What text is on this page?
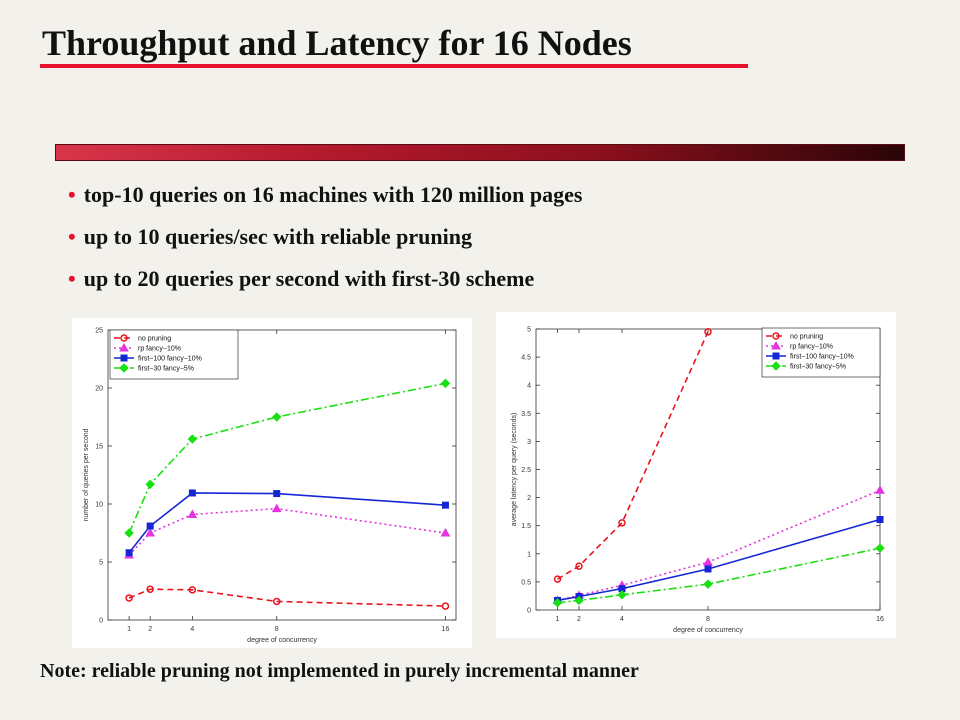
Throughput and Latency for 16 Nodes
• top-10 queries on 16 machines with 120 million pages
• up to 10 queries/sec with reliable pruning
• up to 20 queries per second with first-30 scheme
1 2	4	8	16
0
5
10
15
20
25
degree of concurrency
number of queries per second
no pruning
rp fancy−10%
first−100 fancy−10%
first−30 fancy−5%
1	2	4	8	16
0
0.5
1
1.5
2
2.5
3
3.5
4
4.5
5
degree of concurrency
average latency per query (seconds)
no pruning
rp fancy−10%
first−100 fancy−10%
first−30 fancy−5%
Note: reliable pruning not implemented in purely incremental manner
